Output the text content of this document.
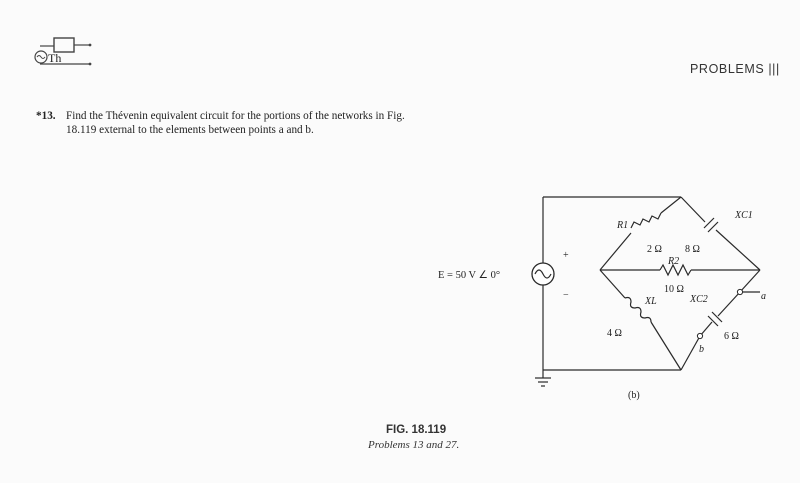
Th
PROBLEMS |||
*13. Find the Thévenin equivalent circuit for the portions of the networks in Fig. 18.119 external to the elements between points a and b.
E = 50 V ∠ 0°
+
−
R1
2 Ω
R2
10 Ω
XC1
8 Ω
XC2
6 Ω
XL
4 Ω
a
b
(b)
FIG. 18.119
Problems 13 and 27.
